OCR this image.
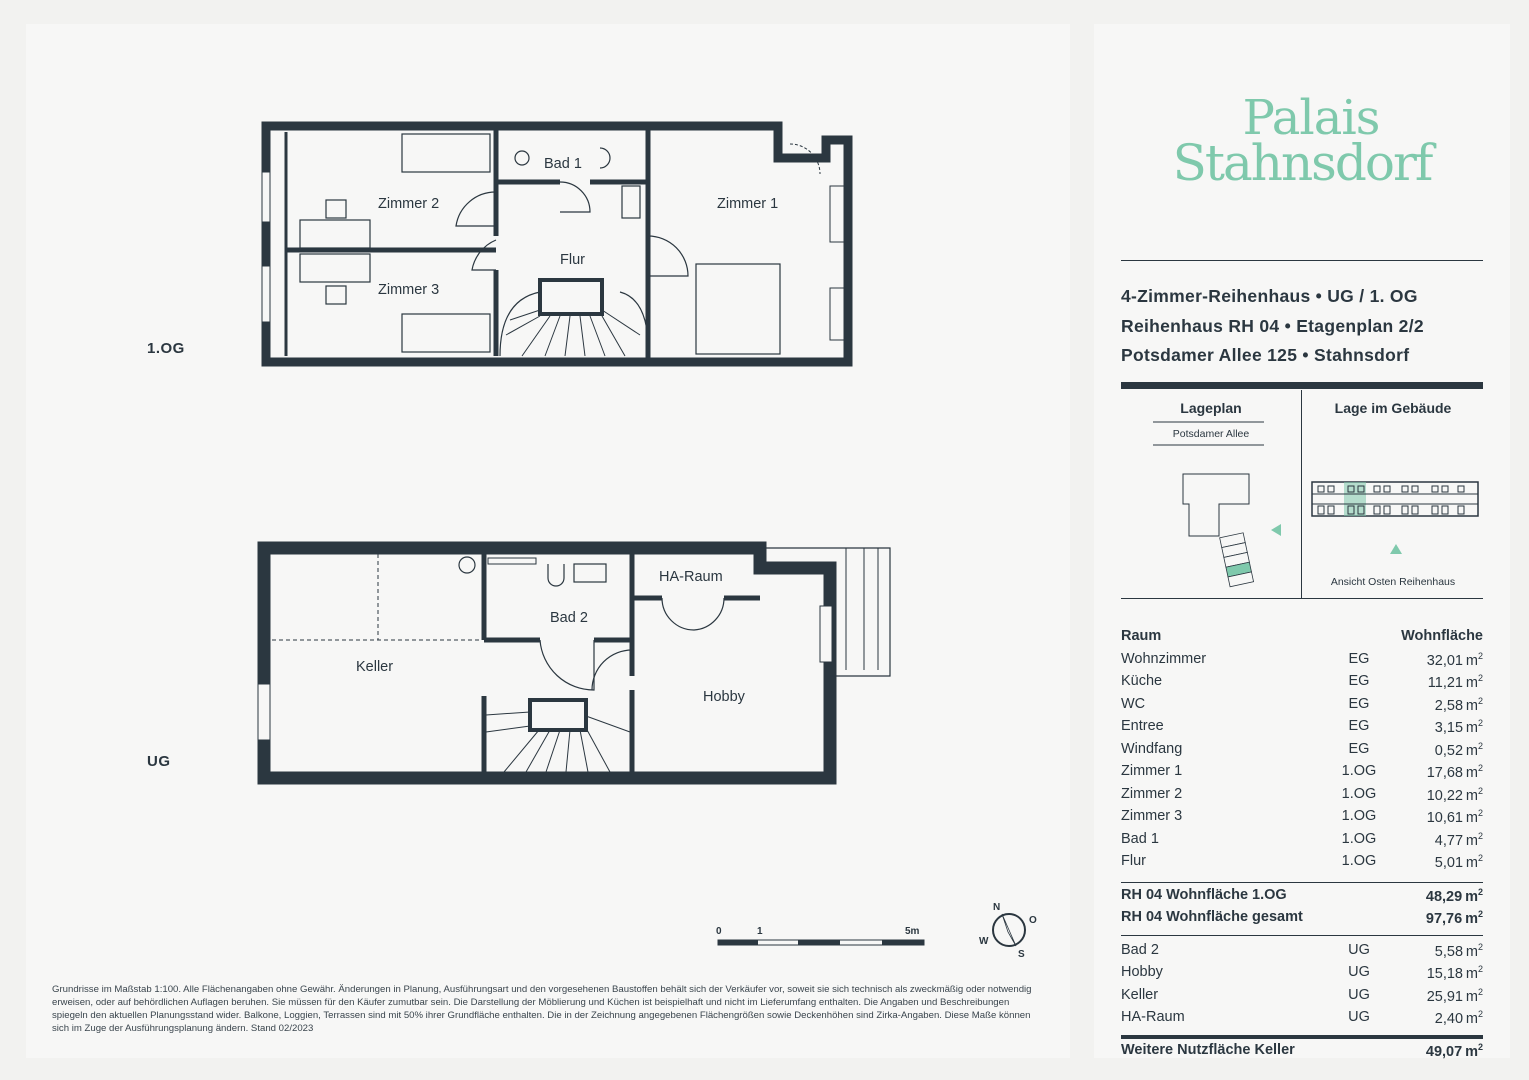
1.OG
UG
Zimmer 2
Bad 1
Zimmer 1
Flur
Zimmer 3
Keller
Bad 2
HA-Raum
Hobby
0	1	5m
N
O
S
W
Grundrisse im Maßstab 1:100. Alle Flächenangaben ohne Gewähr. Änderungen in Planung, Ausführungsart und den vorgesehenen Baustoffen behält sich der Verkäufer vor, soweit sie sich technisch als zweckmäßig oder notwendig erweisen, oder auf behördlichen Auflagen beruhen. Sie müssen für den Käufer zumutbar sein. Die Darstellung der Möblierung und Küchen ist beispielhaft und nicht im Lieferumfang enthalten. Die Angaben und Beschreibungen spiegeln den aktuellen Planungsstand wider. Balkone, Loggien, Terrassen sind mit 50% ihrer Grundfläche enthalten. Die in der Zeichnung angegebenen Flächengrößen sowie Deckenhöhen sind Zirka-Angaben. Diese Maße können sich im Zuge der Ausführungsplanung ändern. Stand 02/2023
Palais
Stahnsdorf
4-Zimmer-Reihenhaus • UG / 1. OG
Reihenhaus RH 04 • Etagenplan 2/2
Potsdamer Allee 125 • Stahnsdorf
Lageplan
Potsdamer Allee
Lage im Gebäude
Ansicht Osten Reihenhaus
Raum	Wohnfläche
Wohnzimmer	EG	32,01 $m^2$
Küche	EG	11,21 $m^2$
WC	EG	2,58 $m^2$
Entree	EG	3,15 $m^2$
Windfang	EG	0,52 $m^2$
Zimmer 1	1.OG	17,68 $m^2$
Zimmer 2	1.OG	10,22 $m^2$
Zimmer 3	1.OG	10,61 $m^2$
Bad 1	1.OG	4,77 $m^2$
Flur	1.OG	5,01 $m^2$
RH 04 Wohnfläche 1.OG	48,29 $m^2$
RH 04 Wohnfläche gesamt	97,76 $m^2$
Bad 2	UG	5,58 $m^2$
Hobby	UG	15,18 $m^2$
Keller	UG	25,91 $m^2$
HA-Raum	UG	2,40 $m^2$
Weitere Nutzfläche Keller	49,07 $m^2$
